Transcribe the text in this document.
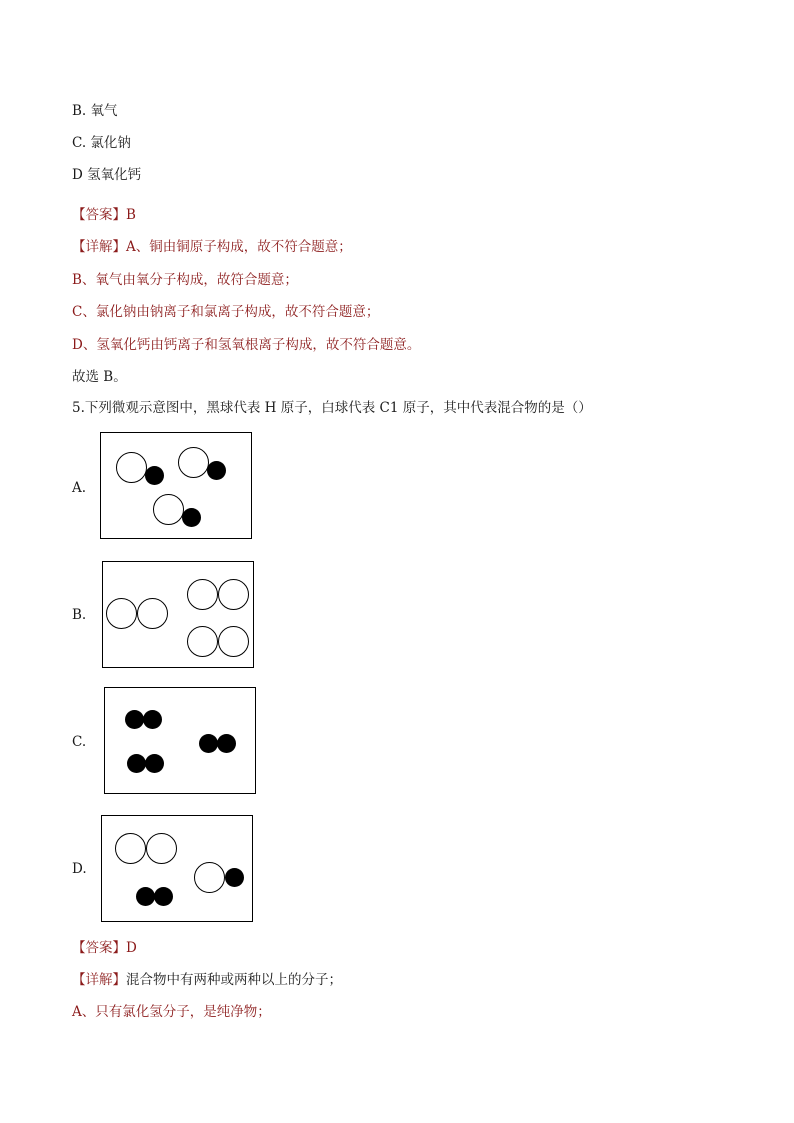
B. 氧气
C. 氯化钠
D 氢氧化钙
【答案】B
【详解】A、铜由铜原子构成，故不符合题意；
B、氧气由氧分子构成，故符合题意；
C、氯化钠由钠离子和氯离子构成，故不符合题意；
D、氢氧化钙由钙离子和氢氧根离子构成，故不符合题意。
故选 B。
5.下列微观示意图中，黑球代表 H 原子，白球代表 C1 原子，其中代表混合物的是（）
A.
B.
C.
D.
【答案】D
【详解】混合物中有两种或两种以上的分子；
A、只有氯化氢分子，是纯净物；
